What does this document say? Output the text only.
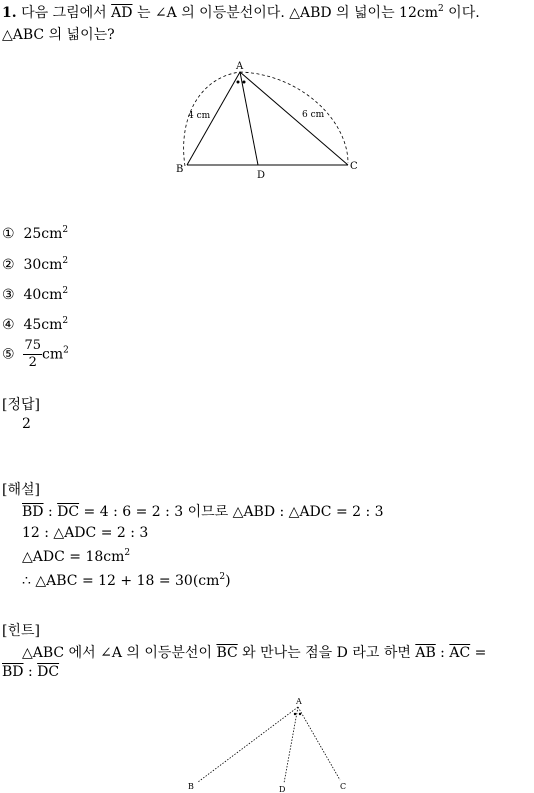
1. 다음 그림에서 $\overline{AD}$ 는 ∠A 의 이등분선이다. △ABD 의 넓이는 $12cm^2$ 이다.
△ABC 의 넓이는?
A
B	C
D
4 cm	6 cm
① $25cm^2$
② $30cm^2$
③ $40cm^2$
④ $45cm^2$
⑤ $\frac{75}{2} cm^2$
[정답]
2
[해설]
$\overline{BD}$ : $\overline{DC} = 4$ : 6 = 2 : 3 이므로 △ABD : △ADC = 2 : 3
12 : △ADC = 2 : 3
△ADC = $18cm^2$
∴ △ABC = $12 + 18 = 30(cm^2)$
[힌트]
△ABC 에서 ∠A 의 이등분선이 $\overline{BC}$ 와 만나는 점을 D 라고 하면 $\overline{AB}$ : $\overline{AC}$ =
$\overline{BD}$ : $\overline{DC}$
A
B	C
D
